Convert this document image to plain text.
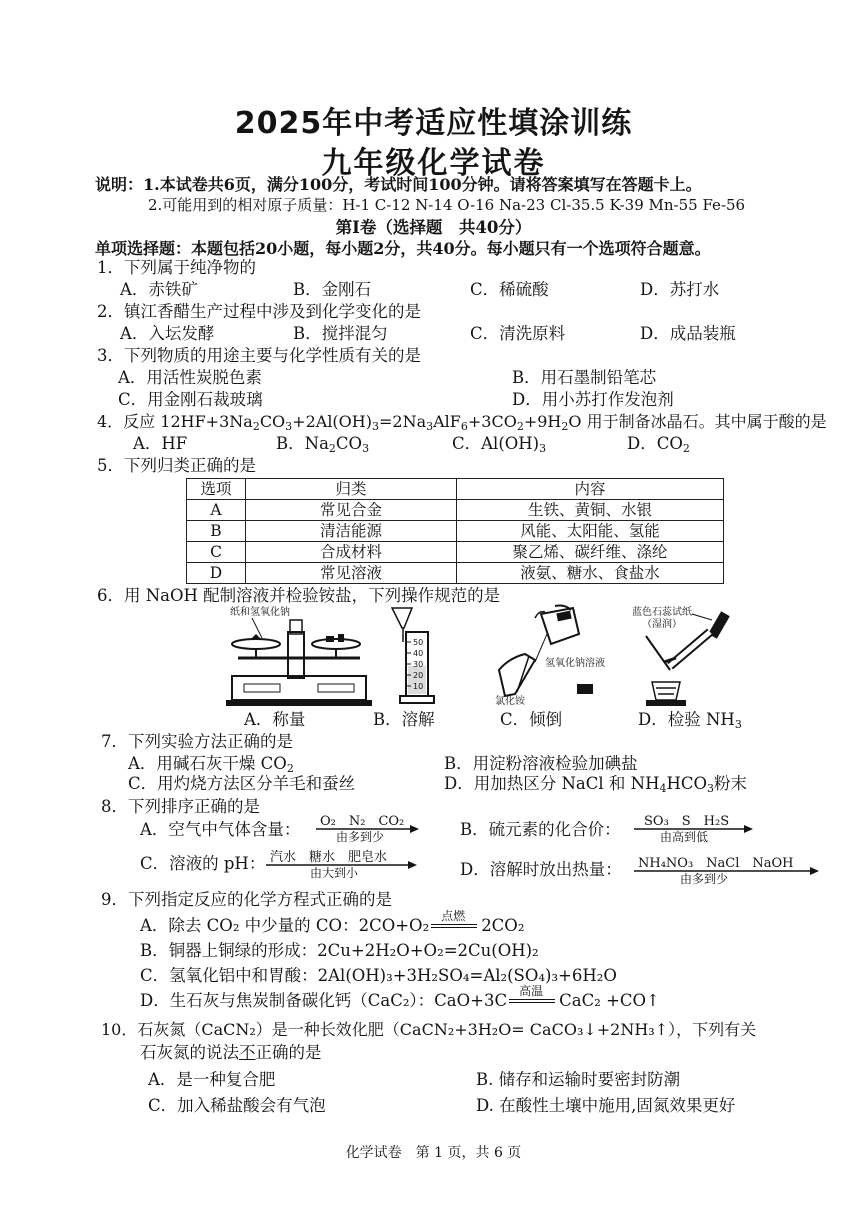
2025年中考适应性填涂训练
九年级化学试卷
说明：1.本试卷共6页，满分100分，考试时间100分钟。请将答案填写在答题卡上。
2.可能用到的相对原子质量：H-1 C-12 N-14 O-16 Na-23 Cl-35.5 K-39 Mn-55 Fe-56
第Ⅰ卷（选择题　共40分）
单项选择题：本题包括20小题，每小题2分，共40分。每小题只有一个选项符合题意。
1．下列属于纯净物的
A．赤铁矿	B．金刚石	C．稀硫酸	D．苏打水
2．镇江香醋生产过程中涉及到化学变化的是
A．入坛发酵	B．搅拌混匀	C．清洗原料	D．成品装瓶
3．下列物质的用途主要与化学性质有关的是
A．用活性炭脱色素	B．用石墨制铅笔芯
C．用金刚石裁玻璃	D．用小苏打作发泡剂
4．反应 $12HF+3Na_2CO_3+2Al(OH)_3=2Na_3AlF_6+3CO_2+9H_2O$ 用于制备冰晶石。其中属于酸的是
A．HF	B．$Na_2CO_3$	C．$Al(OH)_3$	D．$CO_2$
5．下列归类正确的是
选项	归类	内容
A	常见合金	生铁、黄铜、水银
B	清洁能源	风能、太阳能、氢能
C	合成材料	聚乙烯、碳纤维、涤纶
D	常见溶液	液氨、糖水、食盐水
6．用 NaOH 配制溶液并检验铵盐，下列操作规范的是
纸和氢氧化钠
50
40
30
20
10
氢氧化钠溶液
氯化铵
蓝色石蕊试纸
（湿润）
A．称量	B．溶解	C．倾倒	D．检验 $NH_3$
7．下列实验方法正确的是
A．用碱石灰干燥 $CO_2$	B．用淀粉溶液检验加碘盐
C．用灼烧方法区分羊毛和蚕丝	D．用加热区分 NaCl 和 $NH_4HCO_3$粉末
8．下列排序正确的是
A．空气中气体含量： O₂　N₂　CO₂
由多到少	B．硫元素的化合价： SO₃　S　H₂S
由高到低
C．溶液的 pH： 汽水　糖水　肥皂水
由大到小	D．溶解时放出热量： NH₄NO₃　NaCl　NaOH
由多到少
9．下列指定反应的化学方程式正确的是
A．除去 CO₂ 中少量的 CO：2CO+O₂ 点燃 2CO₂
B．铜器上铜绿的形成：2Cu+2H₂O+O₂=2Cu(OH)₂
C．氢氧化铝中和胃酸：2Al(OH)₃+3H₂SO₄=Al₂(SO₄)₃+6H₂O
D．生石灰与焦炭制备碳化钙（CaC₂）：CaO+3C 高温 CaC₂ +CO↑
10．石灰氮（CaCN₂）是一种长效化肥（CaCN₂+3H₂O= CaCO₃↓+2NH₃↑），下列有关
石灰氮的说法不正确的是
A．是一种复合肥	B. 储存和运输时要密封防潮
C．加入稀盐酸会有气泡	D. 在酸性土壤中施用,固氮效果更好
化学试卷　第 1 页，共 6 页
